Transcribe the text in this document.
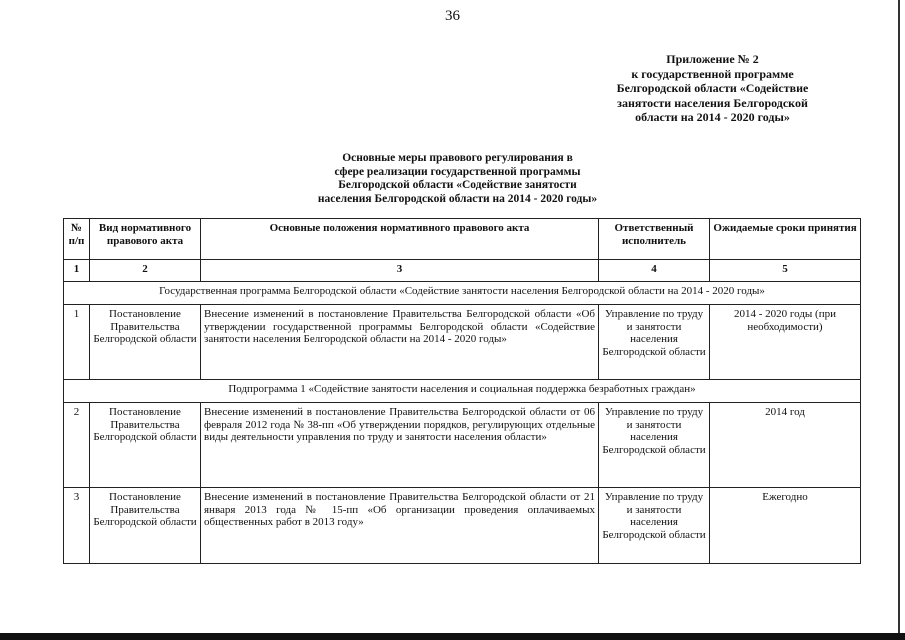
36
Приложение № 2
к государственной программе
Белгородской области «Содействие
занятости населения Белгородской
области на 2014 - 2020 годы»
Основные меры правового регулирования в
сфере реализации государственной программы
Белгородской области «Содействие занятости
населения Белгородской области на 2014 - 2020 годы»
№ п/п	Вид нормативного правового акта	Основные положения нормативного правового акта	Ответственный исполнитель	Ожидаемые сроки принятия
1	2	3	4	5
Государственная программа Белгородской области «Содействие занятости населения Белгородской области на 2014 - 2020 годы»				
1	Постановление Правительства Белгородской области	Внесение изменений в постановление Правительства Белгородской области «Об утверждении государственной программы Белгородской области «Содействие занятости населения Белгородской области на 2014 - 2020 годы»	Управление по труду и занятости населения Белгородской области	2014 - 2020 годы (при необходимости)
Подпрограмма 1 «Содействие занятости населения и социальная поддержка безработных граждан»				
2	Постановление Правительства Белгородской области	Внесение изменений в постановление Правительства Белгородской области от 06 февраля 2012 года № 38-пп «Об утверждении порядков, регулирующих отдельные виды деятельности управления по труду и занятости населения области»	Управление по труду и занятости населения Белгородской области	2014 год
3	Постановление Правительства Белгородской области	Внесение изменений в постановление Правительства Белгородской области от 21 января 2013 года № 15-пп «Об организации проведения оплачиваемых общественных работ в 2013 году»	Управление по труду и занятости населения Белгородской области	Ежегодно
